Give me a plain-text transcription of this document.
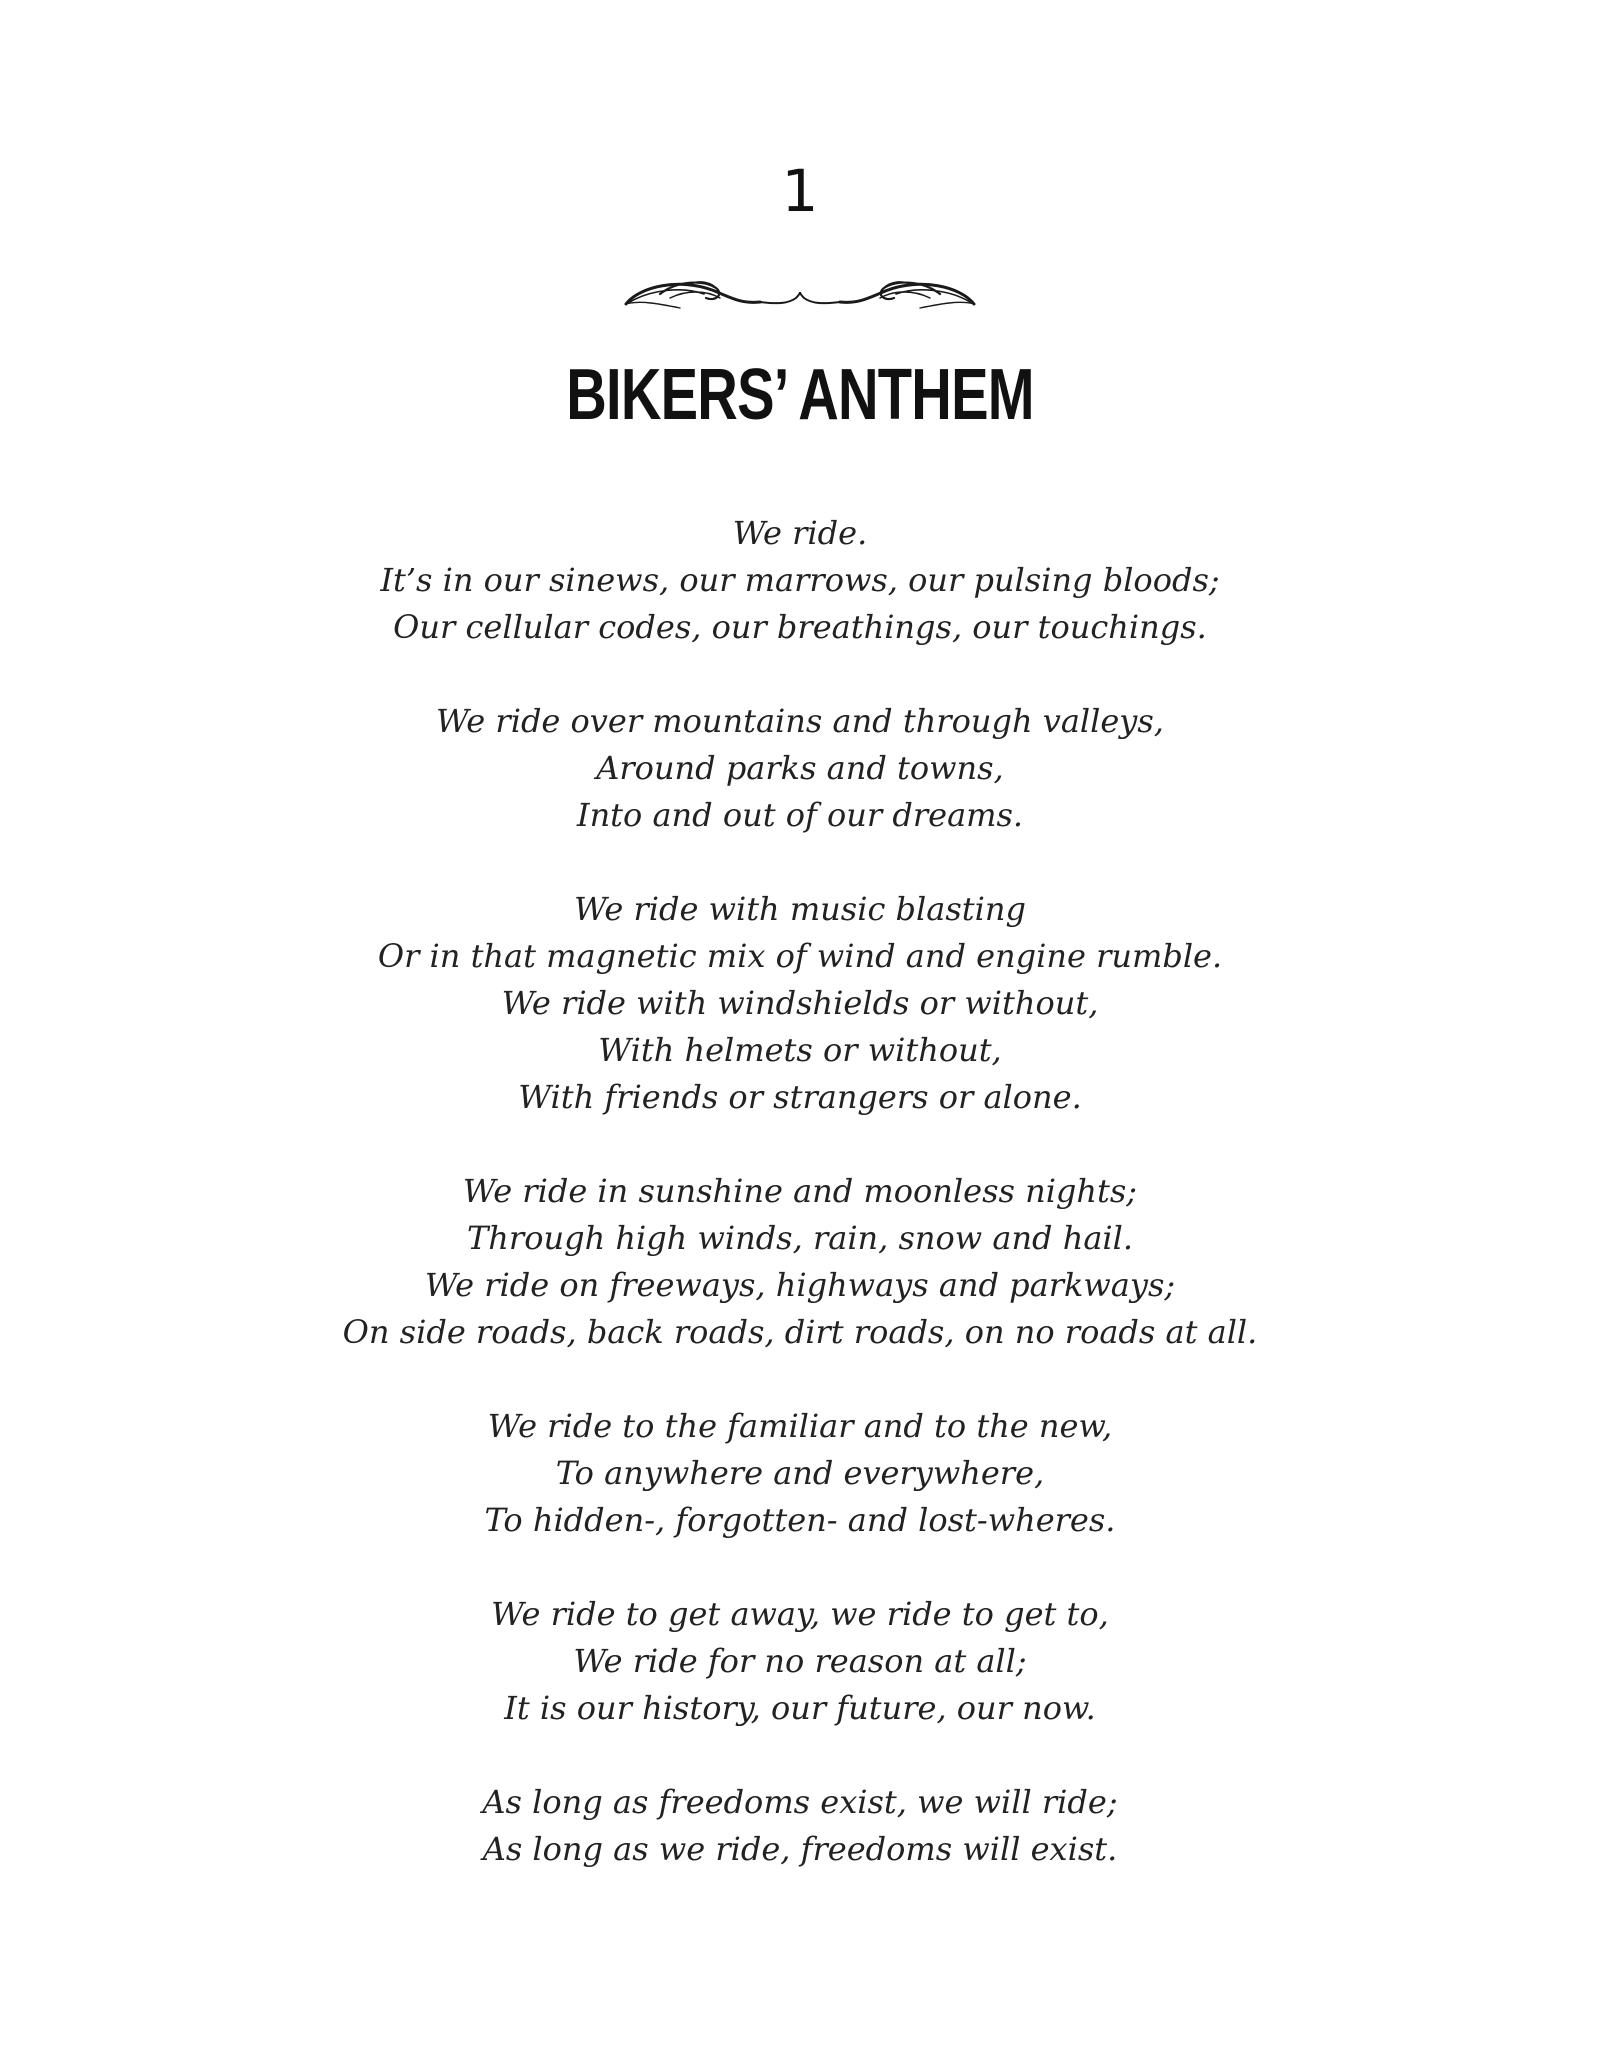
1
BIKERS’ ANTHEM
We ride.
It’s in our sinews, our marrows, our pulsing bloods;
Our cellular codes, our breathings, our touchings.
We ride over mountains and through valleys,
Around parks and towns,
Into and out of our dreams.
We ride with music blasting
Or in that magnetic mix of wind and engine rumble.
We ride with windshields or without,
With helmets or without,
With friends or strangers or alone.
We ride in sunshine and moonless nights;
Through high winds, rain, snow and hail.
We ride on freeways, highways and parkways;
On side roads, back roads, dirt roads, on no roads at all.
We ride to the familiar and to the new,
To anywhere and everywhere,
To hidden-, forgotten- and lost-wheres.
We ride to get away, we ride to get to,
We ride for no reason at all;
It is our history, our future, our now.
As long as freedoms exist, we will ride;
As long as we ride, freedoms will exist.
